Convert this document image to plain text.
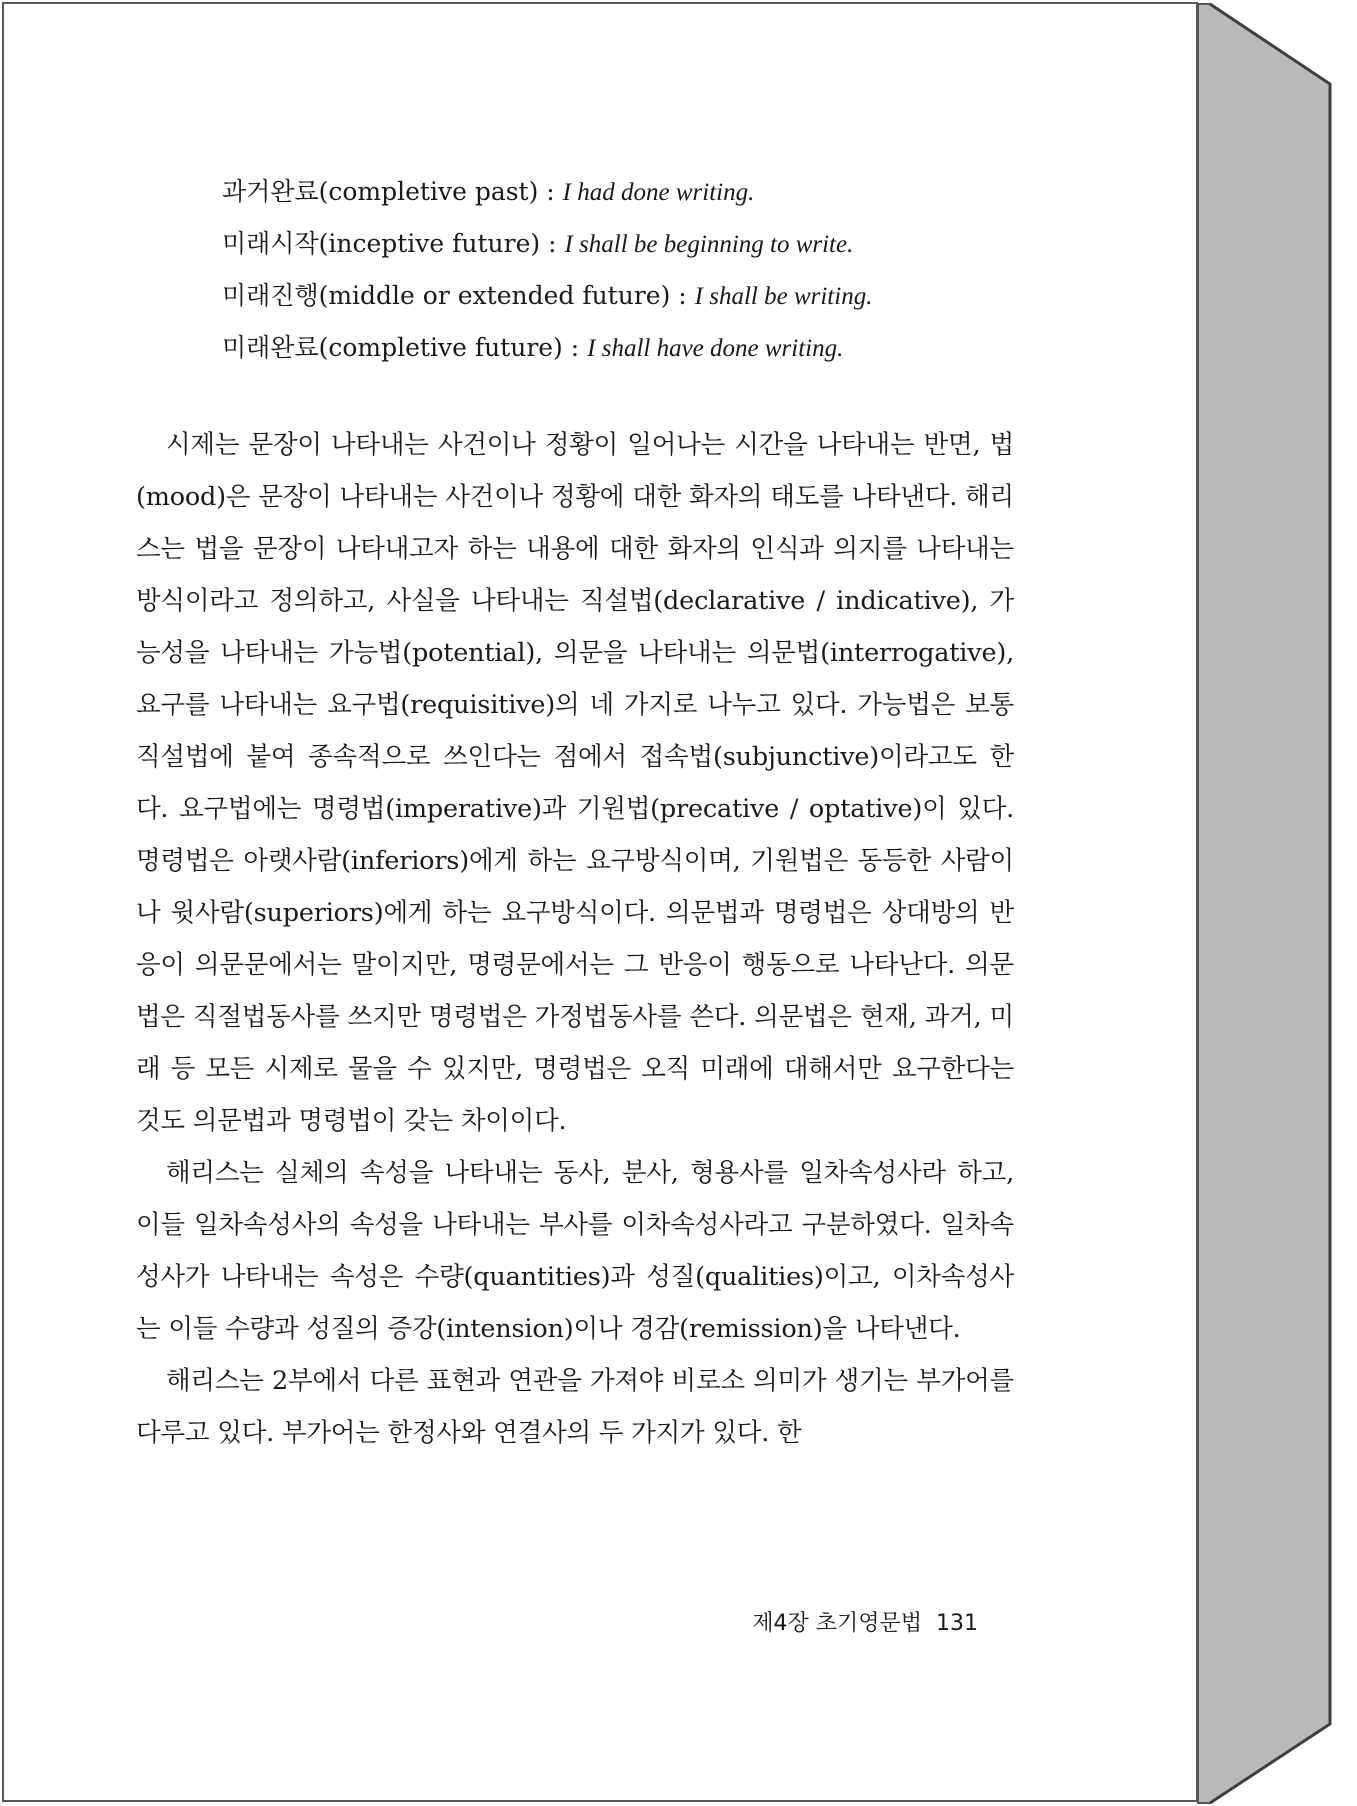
과거완료(completive past) : I had done writing.
미래시작(inceptive future) : I shall be beginning to write.
미래진행(middle or extended future) : I shall be writing.
미래완료(completive future) : I shall have done writing.

시제는 문장이 나타내는 사건이나 정황이 일어나는 시간을 나타내는 반면, 법(mood)은 문장이 나타내는 사건이나 정황에 대한 화자의 태도를 나타낸다. 해리스는 법을 문장이 나타내고자 하는 내용에 대한 화자의 인식과 의지를 나타내는 방식이라고 정의하고, 사실을 나타내는 직설법(declarative / indicative), 가능성을 나타내는 가능법(potential), 의문을 나타내는 의문법(interrogative), 요구를 나타내는 요구법(requisitive)의 네 가지로 나누고 있다. 가능법은 보통 직설법에 붙여 종속적으로 쓰인다는 점에서 접속법(subjunctive)이라고도 한다. 요구법에는 명령법(imperative)과 기원법(precative / optative)이 있다. 명령법은 아랫사람(inferiors)에게 하는 요구방식이며, 기원법은 동등한 사람이나 윗사람(superiors)에게 하는 요구방식이다. 의문법과 명령법은 상대방의 반응이 의문문에서는 말이지만, 명령문에서는 그 반응이 행동으로 나타난다. 의문법은 직절법동사를 쓰지만 명령법은 가정법동사를 쓴다. 의문법은 현재, 과거, 미래 등 모든 시제로 물을 수 있지만, 명령법은 오직 미래에 대해서만 요구한다는 것도 의문법과 명령법이 갖는 차이이다.

해리스는 실체의 속성을 나타내는 동사, 분사, 형용사를 일차속성사라 하고, 이들 일차속성사의 속성을 나타내는 부사를 이차속성사라고 구분하였다. 일차속성사가 나타내는 속성은 수량(quantities)과 성질(qualities)이고, 이차속성사는 이들 수량과 성질의 증강(intension)이나 경감(remission)을 나타낸다.

해리스는 2부에서 다른 표현과 연관을 가져야 비로소 의미가 생기는 부가어를 다루고 있다. 부가어는 한정사와 연결사의 두 가지가 있다. 한

제4장 초기영문법 131
